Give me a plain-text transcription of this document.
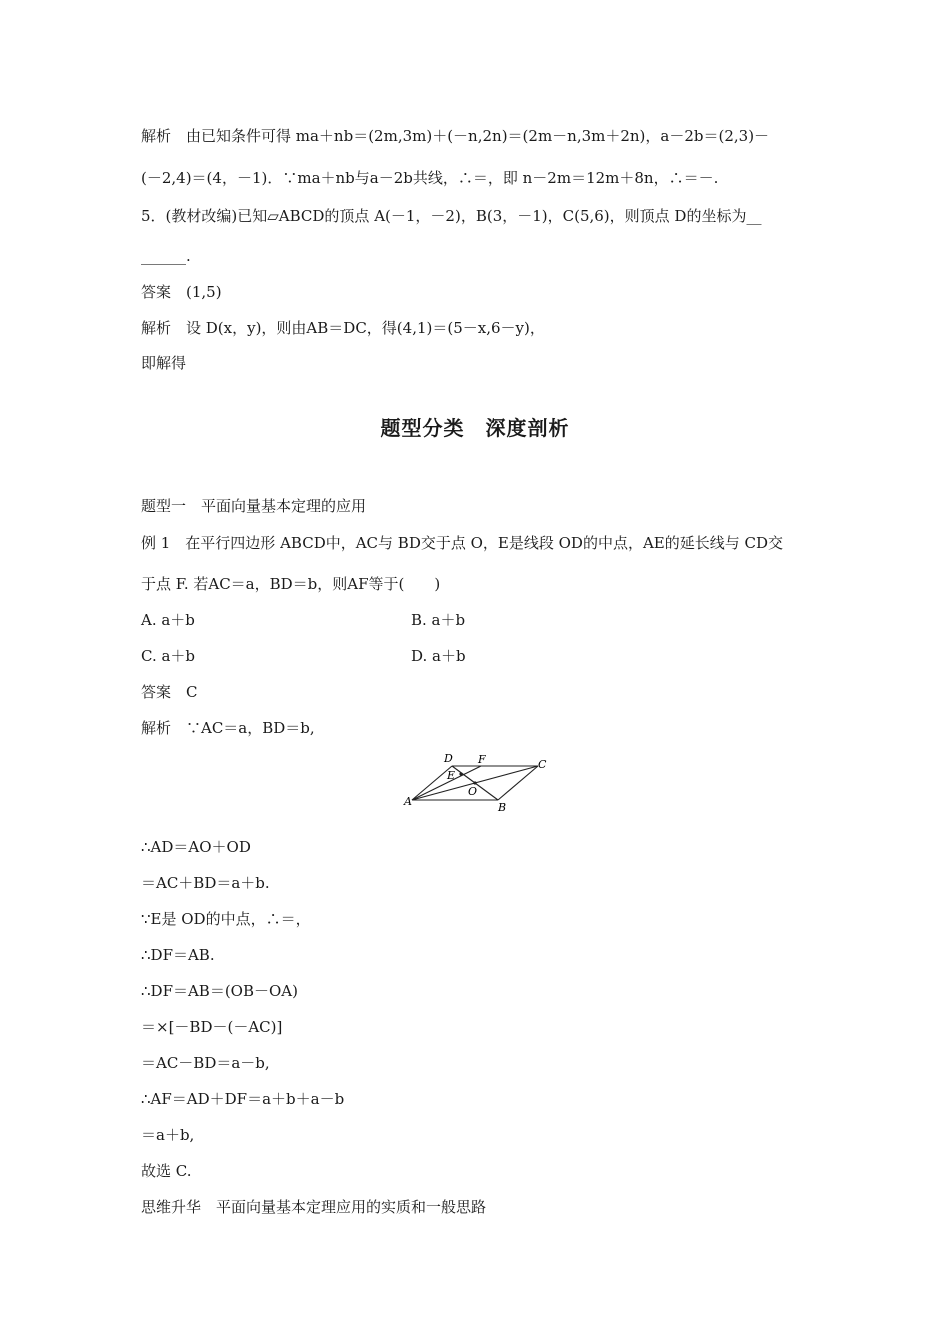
解析　由已知条件可得 ma＋nb＝(2m,3m)＋(－n,2n)＝(2m－n,3m＋2n)，a－2b＝(2,3)－
(－2,4)＝(4，－1)．∵ma＋nb与a－2b共线，∴＝，即 n－2m＝12m＋8n，∴＝－.
5．(教材改编)已知▱ABCD的顶点 A(－1，－2)，B(3，－1)，C(5,6)，则顶点 D的坐标为__
______.
答案　(1,5)
解析　设 D(x，y)，则由AB＝DC，得(4,1)＝(5－x,6－y)，
即解得
题型分类　深度剖析
题型一　平面向量基本定理的应用
例 1　在平行四边形 ABCD中，AC与 BD交于点 O，E是线段 OD的中点，AE的延长线与 CD交
于点 F. 若AC＝a，BD＝b，则AF等于(　　)
A. a＋b	B. a＋b
C. a＋b	D. a＋b
答案　C
解析　∵AC＝a，BD＝b,
A	B
C
D
E
F
O
∴AD＝AO＋OD
＝AC＋BD＝a＋b.
∵E是 OD的中点，∴＝，
∴DF＝AB.
∴DF＝AB＝(OB－OA)
＝×[－BD－(－AC)]
＝AC－BD＝a－b,
∴AF＝AD＋DF＝a＋b＋a－b
＝a＋b,
故选 C.
思维升华　平面向量基本定理应用的实质和一般思路
